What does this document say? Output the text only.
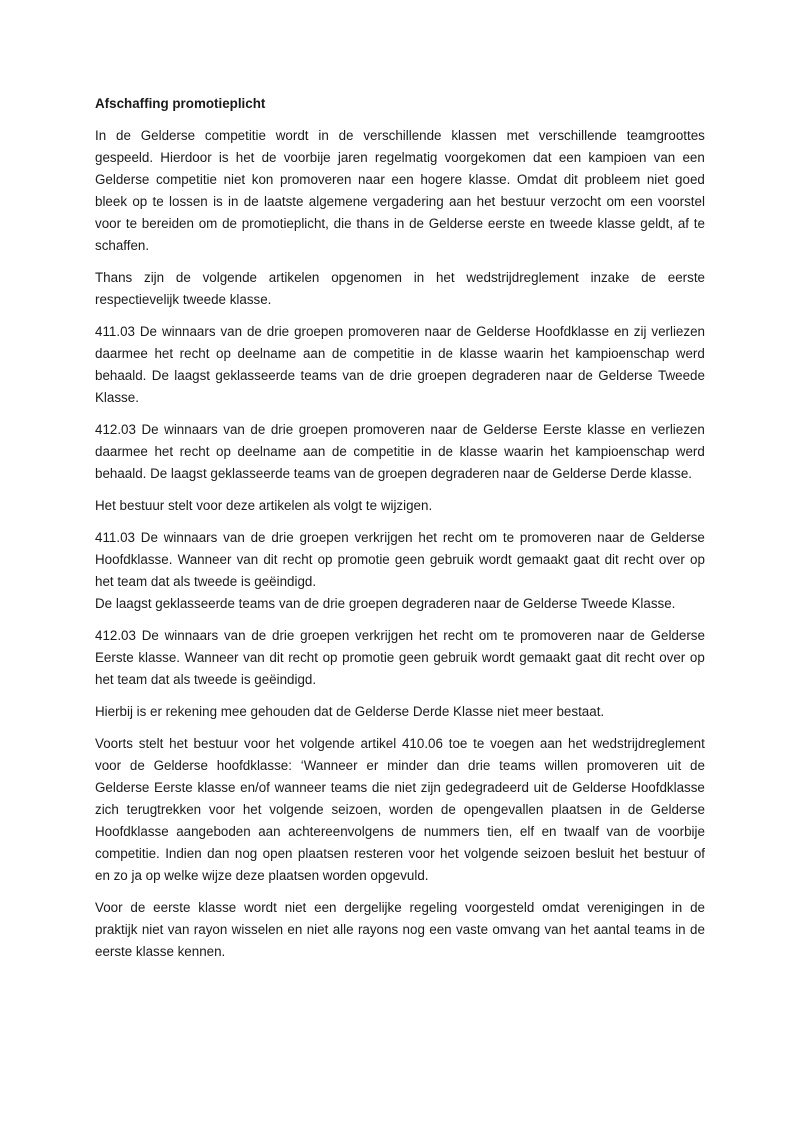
Afschaffing promotieplicht
In de Gelderse competitie wordt in de verschillende klassen met verschillende teamgroottes
gespeeld. Hierdoor is het de voorbije jaren regelmatig voorgekomen dat een kampioen van een
Gelderse competitie niet kon promoveren naar een hogere klasse. Omdat dit probleem niet goed
bleek op te lossen is in de laatste algemene vergadering aan het bestuur verzocht om een voorstel
voor te bereiden om de promotieplicht, die thans in de Gelderse eerste en tweede klasse geldt, af te
schaffen.
Thans zijn de volgende artikelen opgenomen in het wedstrijdreglement inzake de eerste
respectievelijk tweede klasse.
411.03 De winnaars van de drie groepen promoveren naar de Gelderse Hoofdklasse en zij verliezen
daarmee het recht op deelname aan de competitie in de klasse waarin het kampioenschap werd
behaald. De laagst geklasseerde teams van de drie groepen degraderen naar de Gelderse Tweede
Klasse.
412.03 De winnaars van de drie groepen promoveren naar de Gelderse Eerste klasse en verliezen
daarmee het recht op deelname aan de competitie in de klasse waarin het kampioenschap werd
behaald. De laagst geklasseerde teams van de groepen degraderen naar de Gelderse Derde klasse.
Het bestuur stelt voor deze artikelen als volgt te wijzigen.
411.03 De winnaars van de drie groepen verkrijgen het recht om te promoveren naar de Gelderse
Hoofdklasse. Wanneer van dit recht op promotie geen gebruik wordt gemaakt gaat dit recht over op
het team dat als tweede is geëindigd.
De laagst geklasseerde teams van de drie groepen degraderen naar de Gelderse Tweede Klasse.
412.03 De winnaars van de drie groepen verkrijgen het recht om te promoveren naar de Gelderse
Eerste klasse. Wanneer van dit recht op promotie geen gebruik wordt gemaakt gaat dit recht over op
het team dat als tweede is geëindigd.
Hierbij is er rekening mee gehouden dat de Gelderse Derde Klasse niet meer bestaat.
Voorts stelt het bestuur voor het volgende artikel 410.06 toe te voegen aan het wedstrijdreglement
voor de Gelderse hoofdklasse: ‘Wanneer er minder dan drie teams willen promoveren uit de
Gelderse Eerste klasse en/of wanneer teams die niet zijn gedegradeerd uit de Gelderse Hoofdklasse
zich terugtrekken voor het volgende seizoen, worden de opengevallen plaatsen in de Gelderse
Hoofdklasse aangeboden aan achtereenvolgens de nummers tien, elf en twaalf van de voorbije
competitie. Indien dan nog open plaatsen resteren voor het volgende seizoen besluit het bestuur of
en zo ja op welke wijze deze plaatsen worden opgevuld.
Voor de eerste klasse wordt niet een dergelijke regeling voorgesteld omdat verenigingen in de
praktijk niet van rayon wisselen en niet alle rayons nog een vaste omvang van het aantal teams in de
eerste klasse kennen.
